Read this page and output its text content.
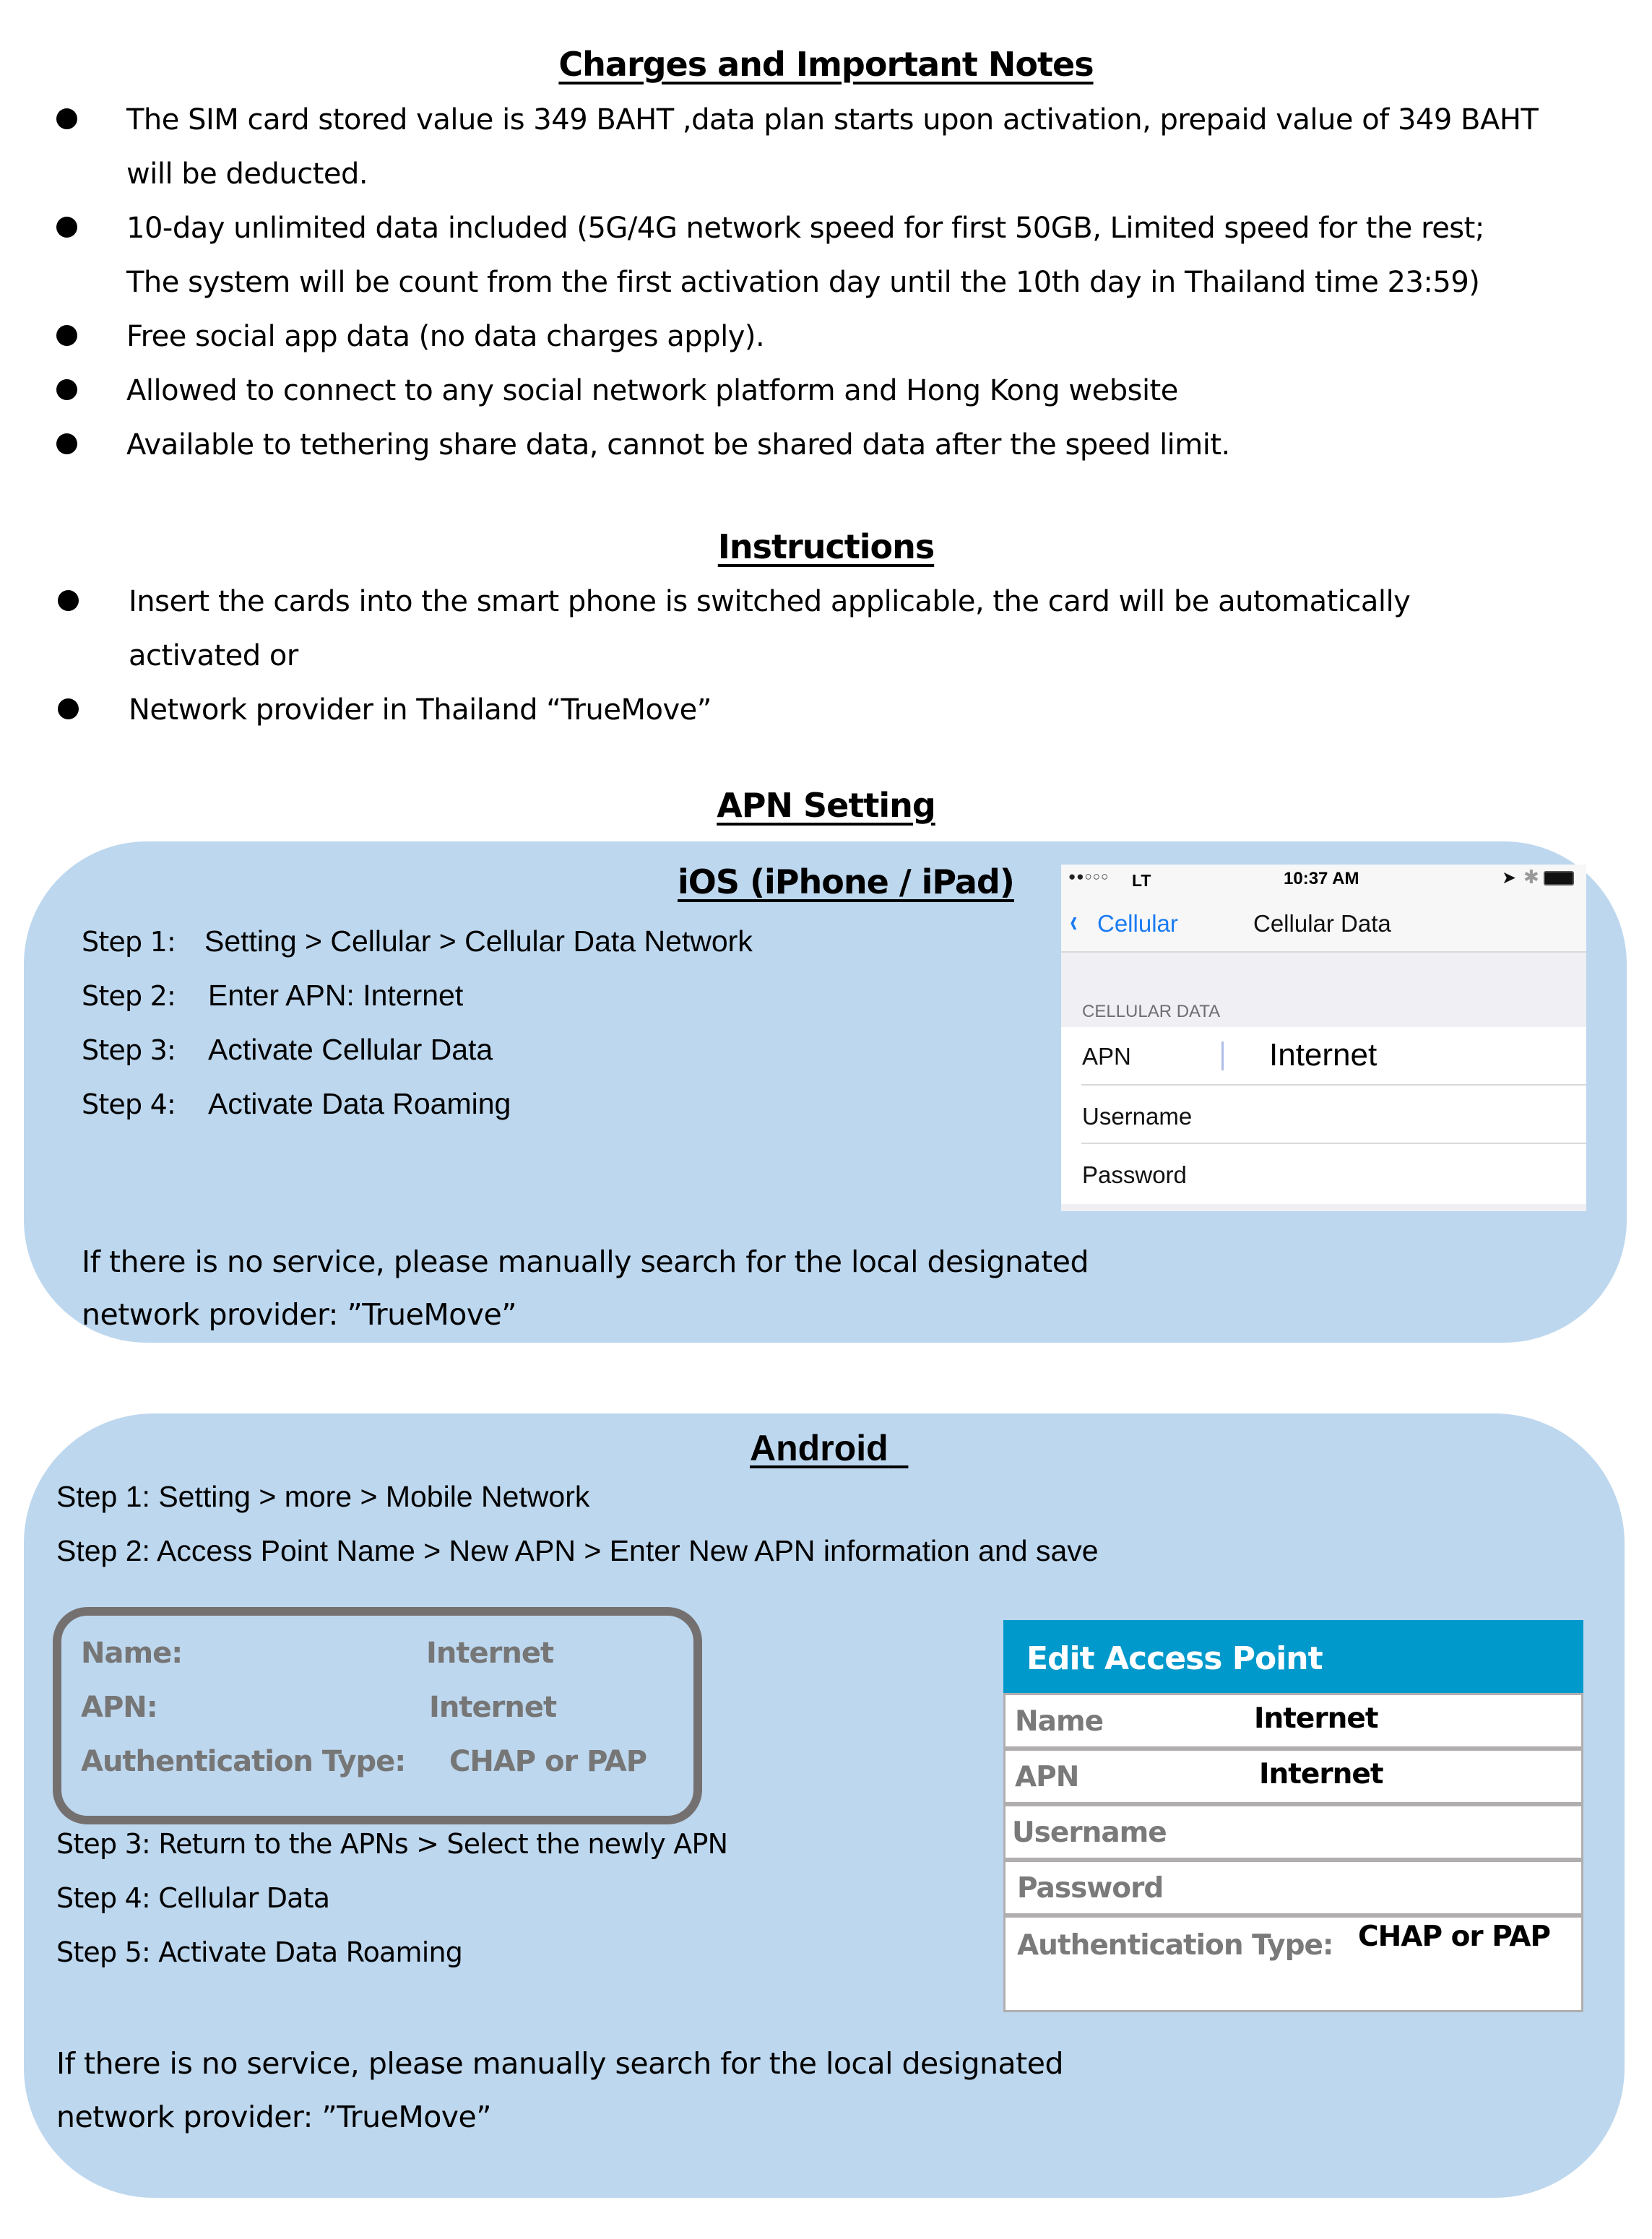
Charges and Important Notes
The SIM card stored value is 349 BAHT ,data plan starts upon activation, prepaid value of 349 BAHT
will be deducted.
10-day unlimited data included (5G/4G network speed for first 50GB, Limited speed for the rest;
The system will be count from the first activation day until the 10th day in Thailand time 23:59)
Free social app data (no data charges apply).
Allowed to connect to any social network platform and Hong Kong website
Available to tethering share data, cannot be shared data after the speed limit.
Instructions
Insert the cards into the smart phone is switched applicable, the card will be automatically
activated or
Network provider in Thailand “TrueMove”
APN Setting
iOS (iPhone / iPad)
Step 1: Setting > Cellular > Cellular Data Network
Step 2: Enter APN: Internet
Step 3: Activate Cellular Data
Step 4: Activate Data Roaming
If there is no service, please manually search for the local designated
network provider: ”TrueMove”
●●○○○ LT	10:37 AM	➤ ✱
‹ Cellular	Cellular Data
CELLULAR DATA
APN	Internet
Username
Password
Android
Step 1: Setting > more > Mobile Network
Step 2: Access Point Name > New APN > Enter New APN information and save
Name:	Internet
APN:	Internet
Authentication Type: CHAP or PAP
Step 3: Return to the APNs > Select the newly APN
Step 4: Cellular Data
Step 5: Activate Data Roaming
If there is no service, please manually search for the local designated
network provider: ”TrueMove”
Edit Access Point
Name	Internet
APN	Internet
Username
Password
Authentication Type: CHAP or PAP
